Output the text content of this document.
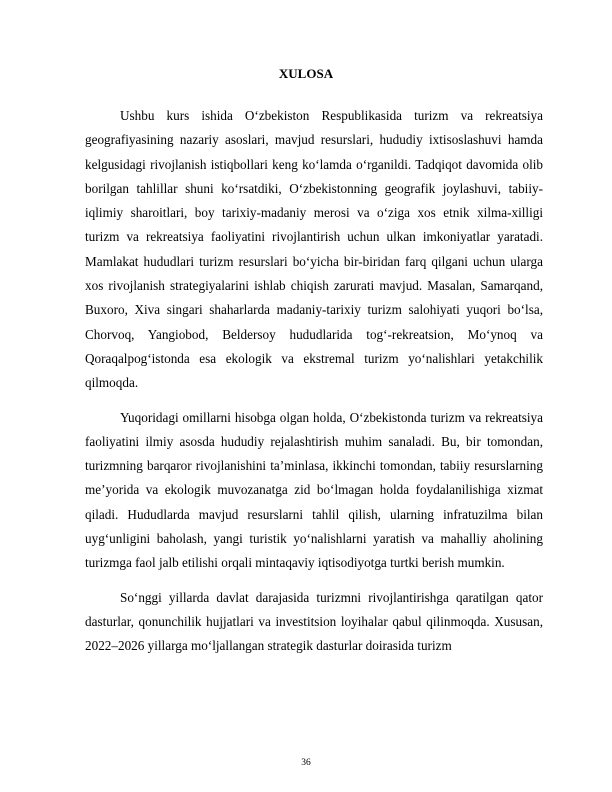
XULOSA

Ushbu kurs ishida O‘zbekiston Respublikasida turizm va rekreatsiya geografiyasining nazariy asoslari, mavjud resurslari, hududiy ixtisoslashuvi hamda kelgusidagi rivojlanish istiqbollari keng ko‘lamda o‘rganildi. Tadqiqot davomida olib borilgan tahlillar shuni ko‘rsatdiki, O‘zbekistonning geografik joylashuvi, tabiiy-iqlimiy sharoitlari, boy tarixiy-madaniy merosi va o‘ziga xos etnik xilma-xilligi turizm va rekreatsiya faoliyatini rivojlantirish uchun ulkan imkoniyatlar yaratadi. Mamlakat hududlari turizm resurslari bo‘yicha bir-biridan farq qilgani uchun ularga xos rivojlanish strategiyalarini ishlab chiqish zarurati mavjud. Masalan, Samarqand, Buxoro, Xiva singari shaharlarda madaniy-tarixiy turizm salohiyati yuqori bo‘lsa, Chorvoq, Yangiobod, Beldersoy hududlarida tog‘-rekreatsion, Mo‘ynoq va Qoraqalpog‘istonda esa ekologik va ekstremal turizm yo‘nalishlari yetakchilik qilmoqda.

Yuqoridagi omillarni hisobga olgan holda, O‘zbekistonda turizm va rekreatsiya faoliyatini ilmiy asosda hududiy rejalashtirish muhim sanaladi. Bu, bir tomondan, turizmning barqaror rivojlanishini ta’minlasa, ikkinchi tomondan, tabiiy resurslarning me’yorida va ekologik muvozanatga zid bo‘lmagan holda foydalanilishiga xizmat qiladi. Hududlarda mavjud resurslarni tahlil qilish, ularning infratuzilma bilan uyg‘unligini baholash, yangi turistik yo‘nalishlarni yaratish va mahalliy aholining turizmga faol jalb etilishi orqali mintaqaviy iqtisodiyotga turtki berish mumkin.

So‘nggi yillarda davlat darajasida turizmni rivojlantirishga qaratilgan qator dasturlar, qonunchilik hujjatlari va investitsion loyihalar qabul qilinmoqda. Xususan, 2022–2026 yillarga mo‘ljallangan strategik dasturlar doirasida turizm

36
